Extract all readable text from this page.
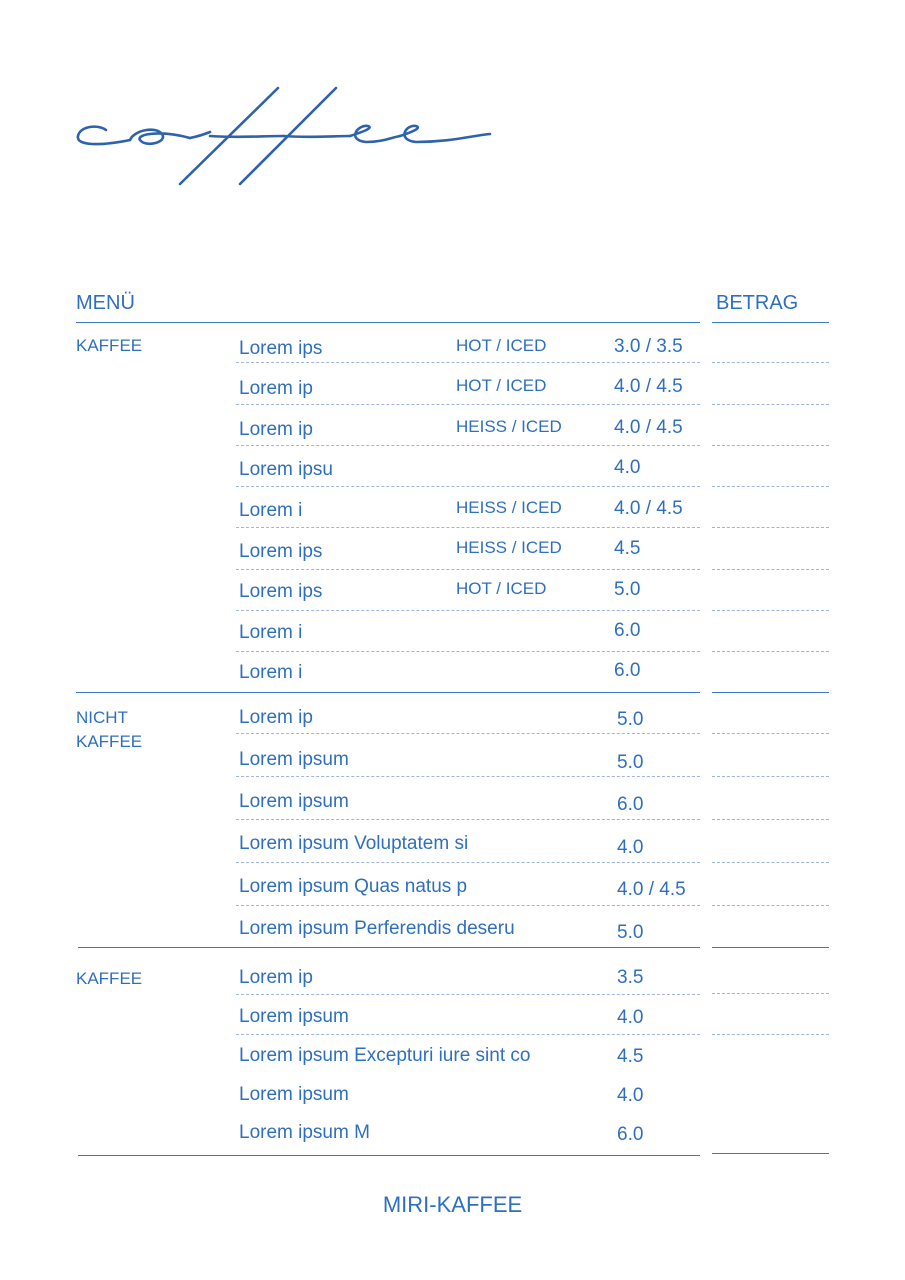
MENÜ	BETRAG
KAFFEE	Lorem ips	HOT / ICED	3.0 / 3.5
Lorem ip	HOT / ICED	4.0 / 4.5
Lorem ip	HEISS / ICED	4.0 / 4.5
Lorem ipsu	4.0
Lorem i	HEISS / ICED	4.0 / 4.5
Lorem ips	HEISS / ICED	4.5
Lorem ips	HOT / ICED	5.0
Lorem i	6.0
Lorem i	6.0
NICHT
KAFFEE
Lorem ip	5.0
Lorem ipsum	5.0
Lorem ipsum	6.0
Lorem ipsum Voluptatem si	4.0
Lorem ipsum Quas natus p	4.0 / 4.5
Lorem ipsum Perferendis deseru	5.0
KAFFEE	Lorem ip	3.5
Lorem ipsum	4.0
Lorem ipsum Excepturi iure sint co	4.5
Lorem ipsum	4.0
Lorem ipsum M	6.0
MIRI-KAFFEE
